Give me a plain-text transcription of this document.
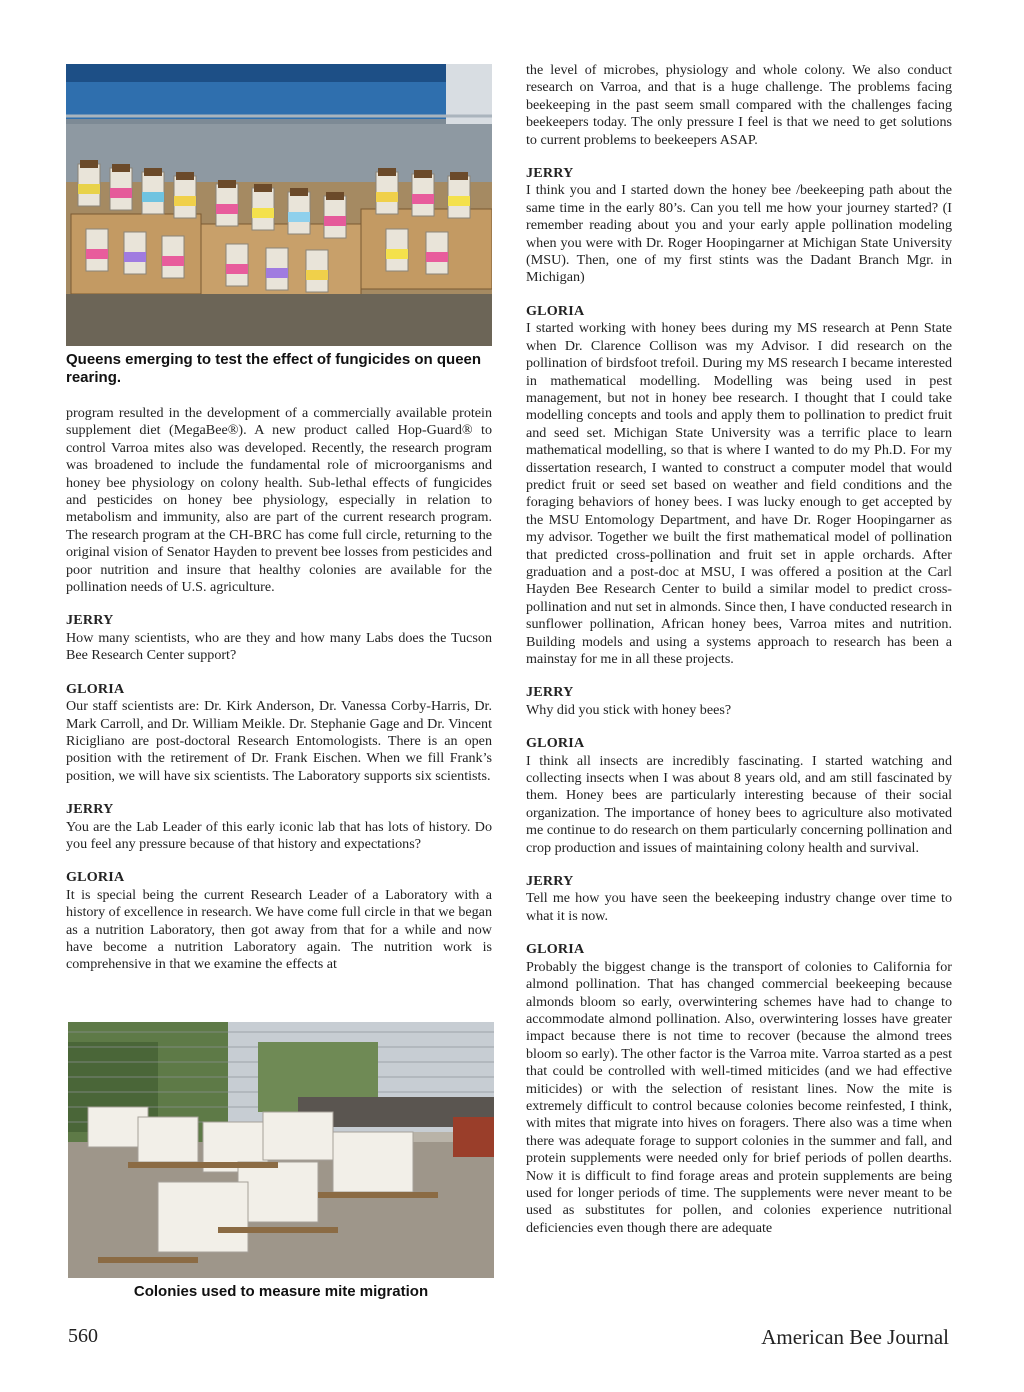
Queens emerging to test the effect of fungicides on queen rearing.

program resulted in the development of a commercially available protein supplement diet (MegaBee®). A new product called Hop-Guard® to control Varroa mites also was developed. Recently, the research program was broadened to include the fundamental role of microorganisms and honey bee physiology on colony health. Sub-lethal effects of fungicides and pesticides on honey bee physiology, especially in relation to metabolism and immunity, also are part of the current research program. The research program at the CH-BRC has come full circle, returning to the original vision of Senator Hayden to prevent bee losses from pesticides and poor nutrition and insure that healthy colonies are available for the pollination needs of U.S. agriculture.

JERRY

How many scientists, who are they and how many Labs does the Tucson Bee Research Center support?

GLORIA

Our staff scientists are: Dr. Kirk Anderson, Dr. Vanessa Corby-Harris, Dr. Mark Carroll, and Dr. William Meikle. Dr. Stephanie Gage and Dr. Vincent Ricigliano are post-doctoral Research Entomologists. There is an open position with the retirement of Dr. Frank Eischen. When we fill Frank’s position, we will have six scientists. The Laboratory supports six scientists.

JERRY

You are the Lab Leader of this early iconic lab that has lots of history. Do you feel any pressure because of that history and expectations?

GLORIA

It is special being the current Research Leader of a Laboratory with a history of excellence in research. We have come full circle in that we began as a nutrition Laboratory, then got away from that for a while and now have become a nutrition Laboratory again. The nutrition work is comprehensive in that we examine the effects at

Colonies used to measure mite migration

the level of microbes, physiology and whole colony. We also conduct research on Varroa, and that is a huge challenge. The problems facing beekeeping in the past seem small compared with the challenges facing beekeepers today. The only pressure I feel is that we need to get solutions to current problems to beekeepers ASAP.

JERRY

I think you and I started down the honey bee /beekeeping path about the same time in the early 80’s. Can you tell me how your journey started? (I remember reading about you and your early apple pollination modeling when you were with Dr. Roger Hoopingarner at Michigan State University (MSU). Then, one of my first stints was the Dadant Branch Mgr. in Michigan)

GLORIA

I started working with honey bees during my MS research at Penn State when Dr. Clarence Collison was my Advisor. I did research on the pollination of birdsfoot trefoil. During my MS research I became interested in mathematical modelling. Modelling was being used in pest management, but not in honey bee research. I thought that I could take modelling concepts and tools and apply them to pollination to predict fruit and seed set. Michigan State University was a terrific place to learn mathematical modelling, so that is where I wanted to do my Ph.D. For my dissertation research, I wanted to construct a computer model that would predict fruit or seed set based on weather and field conditions and the foraging behaviors of honey bees. I was lucky enough to get accepted by the MSU Entomology Department, and have Dr. Roger Hoopingarner as my advisor. Together we built the first mathematical model of pollination that predicted cross-pollination and fruit set in apple orchards. After graduation and a post-doc at MSU, I was offered a position at the Carl Hayden Bee Research Center to build a similar model to predict cross-pollination and nut set in almonds. Since then, I have conducted research in sunflower pollination, African honey bees, Varroa mites and nutrition. Building models and using a systems approach to research has been a mainstay for me in all these projects.

JERRY

Why did you stick with honey bees?

GLORIA

I think all insects are incredibly fascinating. I started watching and collecting insects when I was about 8 years old, and am still fascinated by them. Honey bees are particularly interesting because of their social organization. The importance of honey bees to agriculture also motivated me continue to do research on them particularly concerning pollination and crop production and issues of maintaining colony health and survival.

JERRY

Tell me how you have seen the beekeeping industry change over time to what it is now.

GLORIA

Probably the biggest change is the transport of colonies to California for almond pollination. That has changed commercial beekeeping because almonds bloom so early, overwintering schemes have had to change to accommodate almond pollination. Also, overwintering losses have greater impact because there is not time to recover (because the almond trees bloom so early). The other factor is the Varroa mite. Varroa started as a pest that could be controlled with well-timed miticides (and we had effective miticides) or with the selection of resistant lines. Now the mite is extremely difficult to control because colonies become reinfested, I think, with mites that migrate into hives on foragers. There also was a time when there was adequate forage to support colonies in the summer and fall, and protein supplements were needed only for brief periods of pollen dearths. Now it is difficult to find forage areas and protein supplements are being used for longer periods of time. The supplements were never meant to be used as substitutes for pollen, and colonies experience nutritional deficiencies even though there are adequate

560	American Bee Journal
